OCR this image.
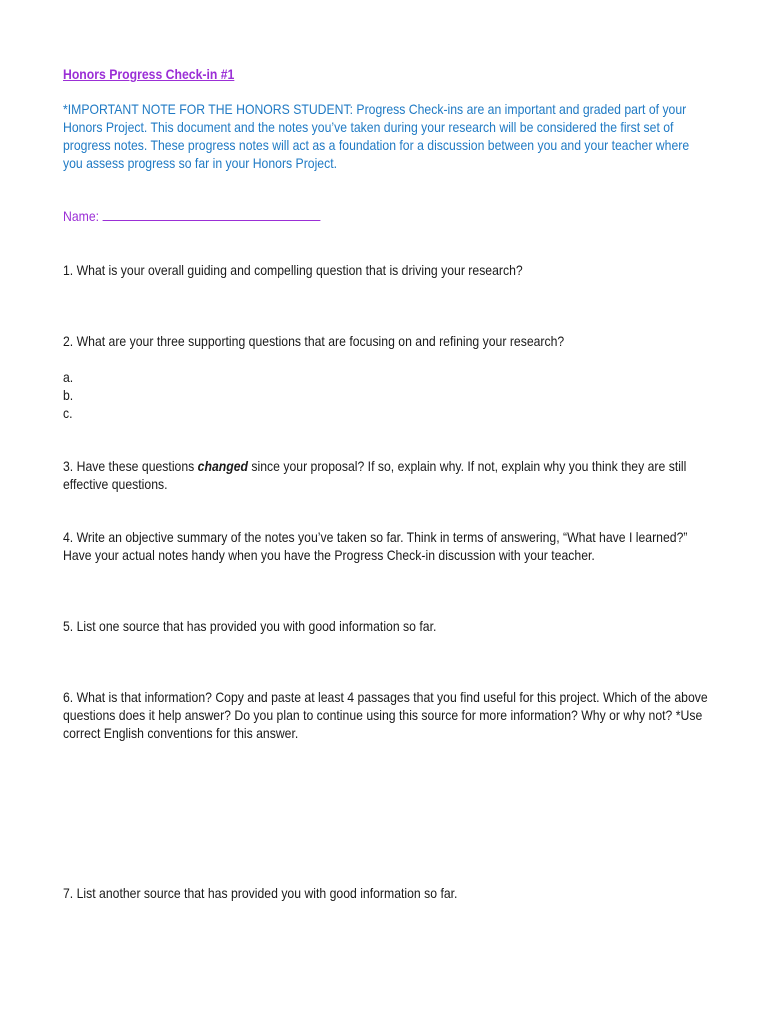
Honors Progress Check-in #1
*IMPORTANT NOTE FOR THE HONORS STUDENT: Progress Check-ins are an important and graded part of your Honors Project. This document and the notes you’ve taken during your research will be considered the first set of progress notes. These progress notes will act as a foundation for a discussion between you and your teacher where you assess progress so far in your Honors Project.
Name:
1. What is your overall guiding and compelling question that is driving your research?
2. What are your three supporting questions that are focusing on and refining your research?
a.
b.
c.
3. Have these questions changed since your proposal? If so, explain why. If not, explain why you think they are still effective questions.
4. Write an objective summary of the notes you’ve taken so far. Think in terms of answering, “What have I learned?” Have your actual notes handy when you have the Progress Check-in discussion with your teacher.
5. List one source that has provided you with good information so far.
6. What is that information? Copy and paste at least 4 passages that you find useful for this project. Which of the above questions does it help answer? Do you plan to continue using this source for more information? Why or why not? *Use correct English conventions for this answer.
7. List another source that has provided you with good information so far.
